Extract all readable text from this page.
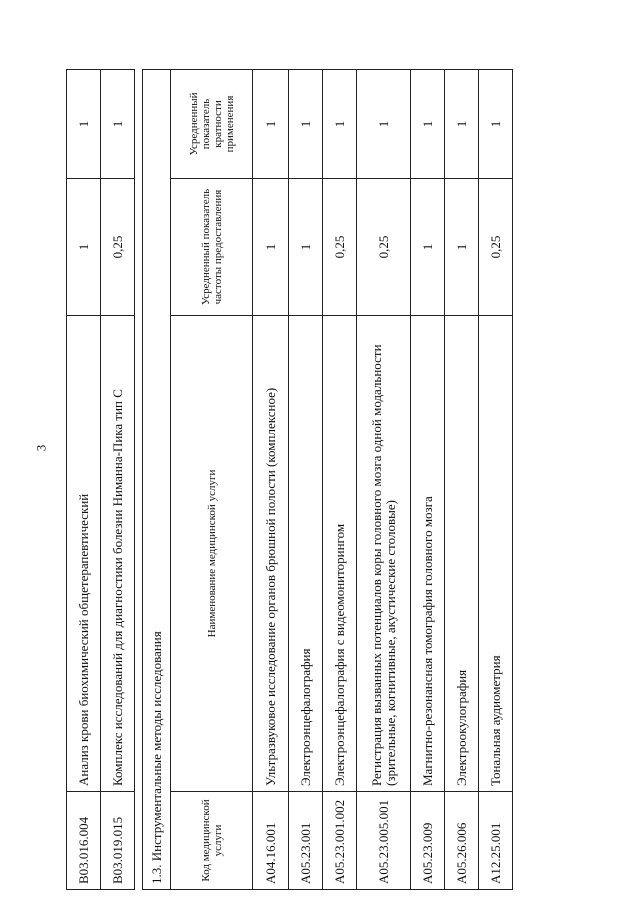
3
B03.016.004	Анализ крови биохимический общетерапевтический	1	1
B03.019.015	Комплекс исследований для диагностики болезни Ниманна-Пика тип С	0,25	1
1.3. Инструментальные методы исследования			
Код медицинской услуги	Наименование медицинской услуги	Усредненный показатель частоты предоставления	Усредненный показатель кратности применения
A04.16.001	Ультразвуковое исследование органов брюшной полости (комплексное)	1	1
A05.23.001	Электроэнцефалография	1	1
A05.23.001.002	Электроэнцефалография с видеомониторингом	0,25	1
A05.23.005.001	Регистрация вызванных потенциалов коры головного мозга одной модальности (зрительные, когнитивные, акустические столовые)	0,25	1
A05.23.009	Магнитно-резонансная томография головного мозга	1	1
A05.26.006	Электроокулография	1	1
A12.25.001	Тональная аудиометрия	0,25	1
